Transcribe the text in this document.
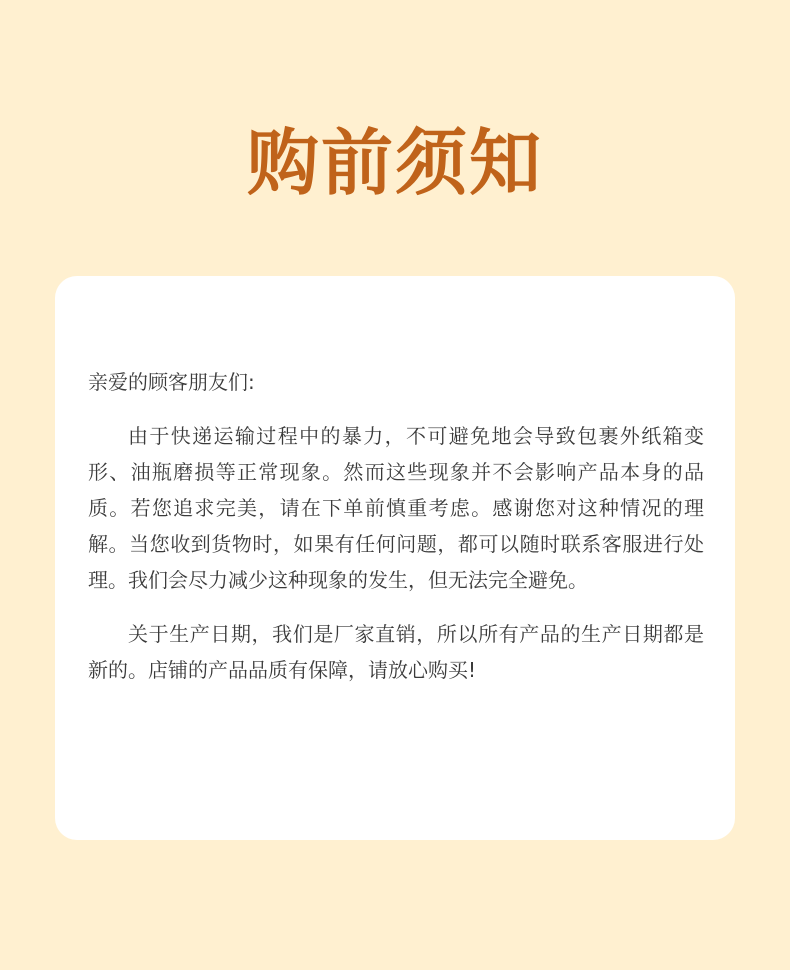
购前须知

亲爱的顾客朋友们:

由于快递运输过程中的暴力，不可避免地会导致包裹外纸箱变形、油瓶磨损等正常现象。然而这些现象并不会影响产品本身的品质。若您追求完美，请在下单前慎重考虑。感谢您对这种情况的理解。当您收到货物时，如果有任何问题，都可以随时联系客服进行处理。我们会尽力减少这种现象的发生，但无法完全避免。

关于生产日期，我们是厂家直销，所以所有产品的生产日期都是新的。店铺的产品品质有保障，请放心购买!
